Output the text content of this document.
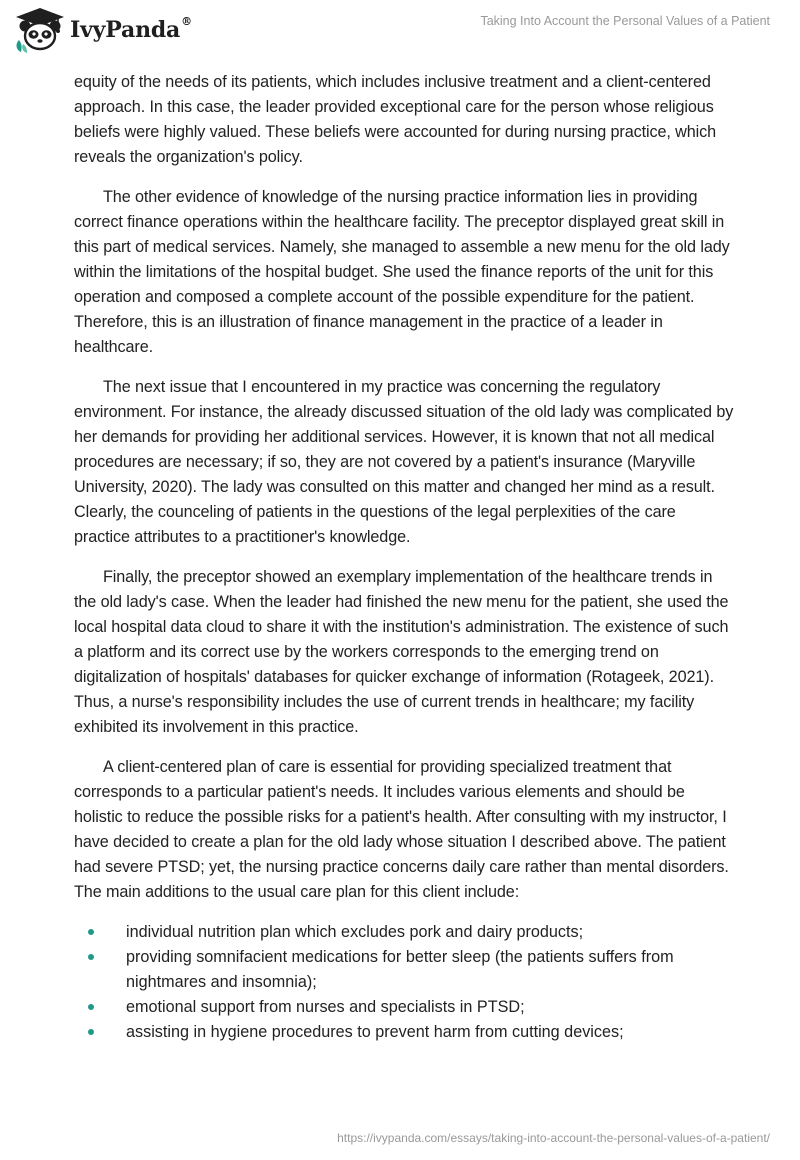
IvyPanda®	Taking Into Account the Personal Values of a Patient

equity of the needs of its patients, which includes inclusive treatment and a client-centered approach. In this case, the leader provided exceptional care for the person whose religious beliefs were highly valued. These beliefs were accounted for during nursing practice, which reveals the organization's policy.

The other evidence of knowledge of the nursing practice information lies in providing correct finance operations within the healthcare facility. The preceptor displayed great skill in this part of medical services. Namely, she managed to assemble a new menu for the old lady within the limitations of the hospital budget. She used the finance reports of the unit for this operation and composed a complete account of the possible expenditure for the patient. Therefore, this is an illustration of finance management in the practice of a leader in healthcare.

The next issue that I encountered in my practice was concerning the regulatory environment. For instance, the already discussed situation of the old lady was complicated by her demands for providing her additional services. However, it is known that not all medical procedures are necessary; if so, they are not covered by a patient's insurance (Maryville University, 2020). The lady was consulted on this matter and changed her mind as a result. Clearly, the counceling of patients in the questions of the legal perplexities of the care practice attributes to a practitioner's knowledge.

Finally, the preceptor showed an exemplary implementation of the healthcare trends in the old lady's case. When the leader had finished the new menu for the patient, she used the local hospital data cloud to share it with the institution's administration. The existence of such a platform and its correct use by the workers corresponds to the emerging trend on digitalization of hospitals' databases for quicker exchange of information (Rotageek, 2021). Thus, a nurse's responsibility includes the use of current trends in healthcare; my facility exhibited its involvement in this practice.

A client-centered plan of care is essential for providing specialized treatment that corresponds to a particular patient's needs. It includes various elements and should be holistic to reduce the possible risks for a patient's health. After consulting with my instructor, I have decided to create a plan for the old lady whose situation I described above. The patient had severe PTSD; yet, the nursing practice concerns daily care rather than mental disorders. The main additions to the usual care plan for this client include:

individual nutrition plan which excludes pork and dairy products;
providing somnifacient medications for better sleep (the patients suffers from nightmares and insomnia);
emotional support from nurses and specialists in PTSD;
assisting in hygiene procedures to prevent harm from cutting devices;
https://ivypanda.com/essays/taking-into-account-the-personal-values-of-a-patient/
